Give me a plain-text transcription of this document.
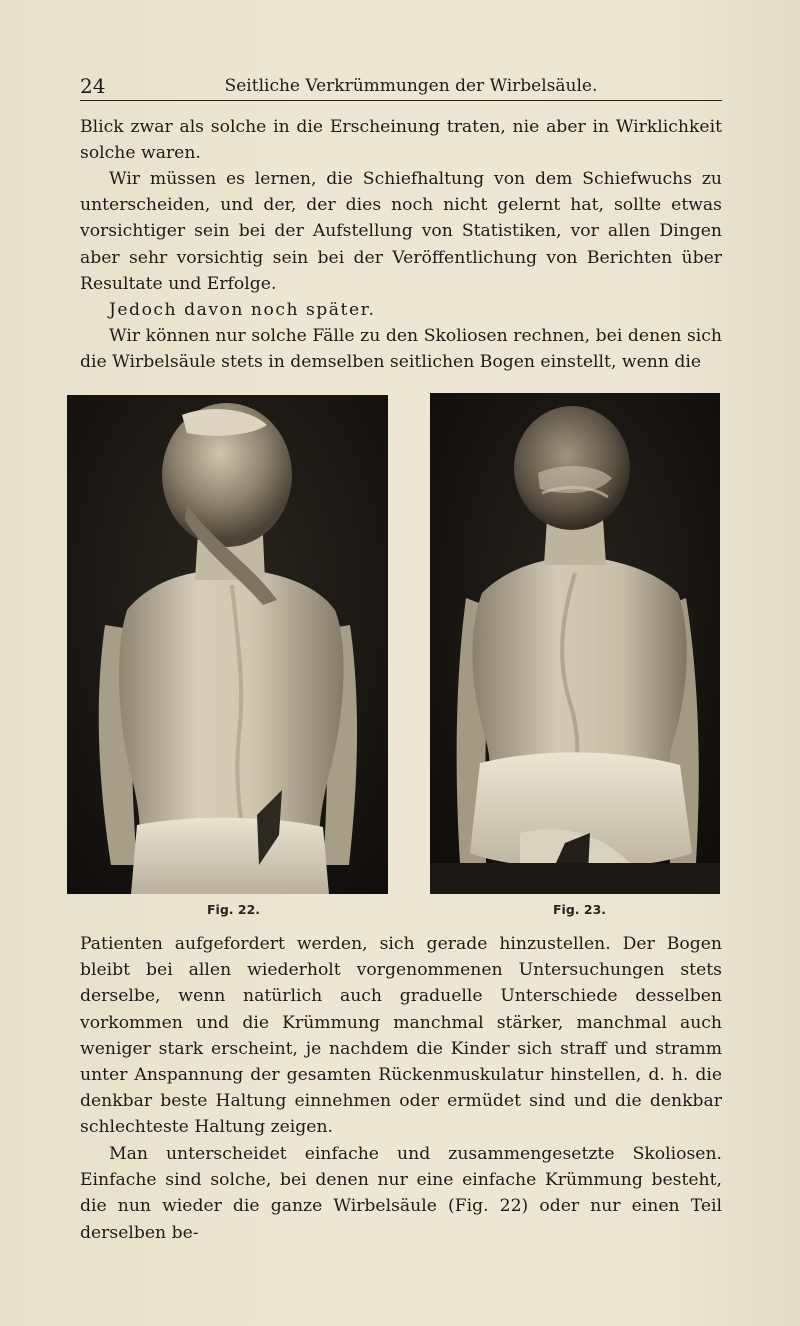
24	Seitliche Verkrümmungen der Wirbelsäule.

Blick zwar als solche in die Erscheinung traten, nie aber in Wirklichkeit solche waren.

Wir müssen es lernen, die Schiefhaltung von dem Schiefwuchs zu unterscheiden, und der, der dies noch nicht gelernt hat, sollte etwas vorsichtiger sein bei der Aufstellung von Statistiken, vor allen Dingen aber sehr vorsichtig sein bei der Veröffentlichung von Berichten über Resultate und Erfolge.

Jedoch davon noch später.

Wir können nur solche Fälle zu den Skoliosen rechnen, bei denen sich die Wirbelsäule stets in demselben seitlichen Bogen einstellt, wenn die

Fig. 22.	Fig. 23.

Patienten aufgefordert werden, sich gerade hinzustellen. Der Bogen bleibt bei allen wiederholt vorgenommenen Untersuchungen stets derselbe, wenn natürlich auch graduelle Unterschiede desselben vorkommen und die Krümmung manchmal stärker, manchmal auch weniger stark erscheint, je nachdem die Kinder sich straff und stramm unter Anspannung der gesamten Rückenmuskulatur hinstellen, d. h. die denkbar beste Haltung einnehmen oder ermüdet sind und die denkbar schlechteste Haltung zeigen.

Man unterscheidet einfache und zusammengesetzte Skoliosen. Einfache sind solche, bei denen nur eine einfache Krümmung besteht, die nun wieder die ganze Wirbelsäule (Fig. 22) oder nur einen Teil derselben be-
